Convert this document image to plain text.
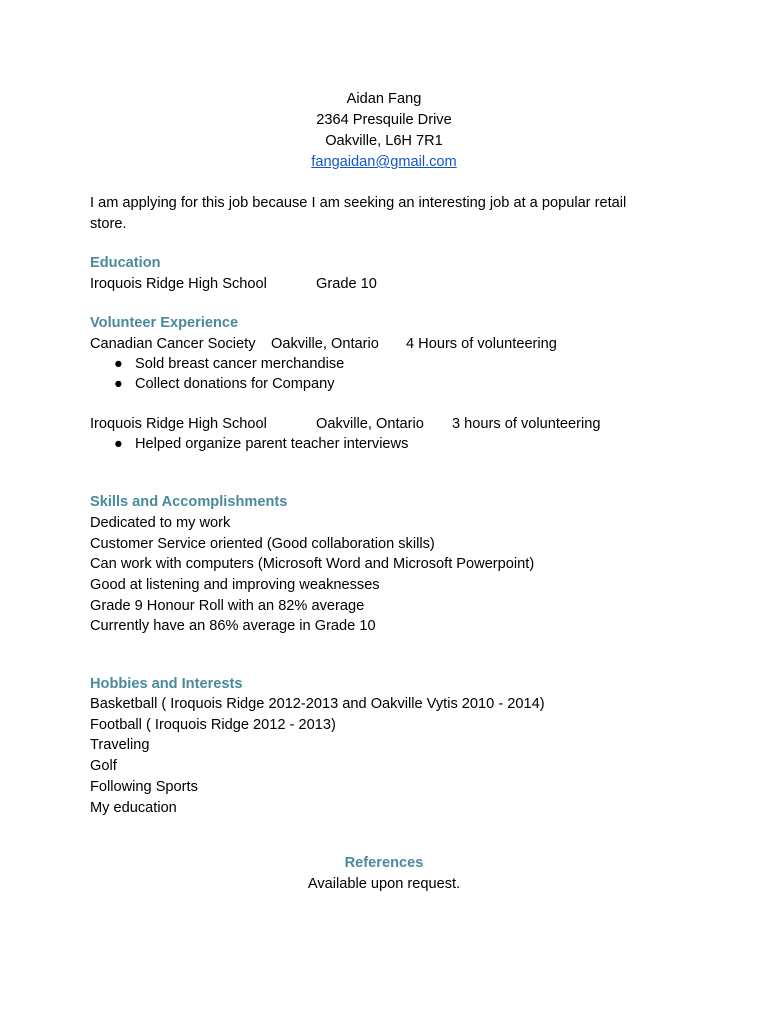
Aidan Fang
2364 Presquile Drive
Oakville, L6H 7R1
fangaidan@gmail.com
I am applying for this job because I am seeking an interesting job at a popular retail
store.
Education
Iroquois Ridge High School	Grade 10
Volunteer Experience
Canadian Cancer Society Oakville, Ontario 4 Hours of volunteering
● Sold breast cancer merchandise
● Collect donations for Company
Iroquois Ridge High School	Oakville, Ontario 3 hours of volunteering
● Helped organize parent teacher interviews
Skills and Accomplishments
Dedicated to my work
Customer Service oriented (Good collaboration skills)
Can work with computers (Microsoft Word and Microsoft Powerpoint)
Good at listening and improving weaknesses
Grade 9 Honour Roll with an 82% average
Currently have an 86% average in Grade 10
Hobbies and Interests
Basketball ( Iroquois Ridge 2012-2013 and Oakville Vytis 2010 - 2014)
Football ( Iroquois Ridge 2012 - 2013)
Traveling
Golf
Following Sports
My education
References
Available upon request.
